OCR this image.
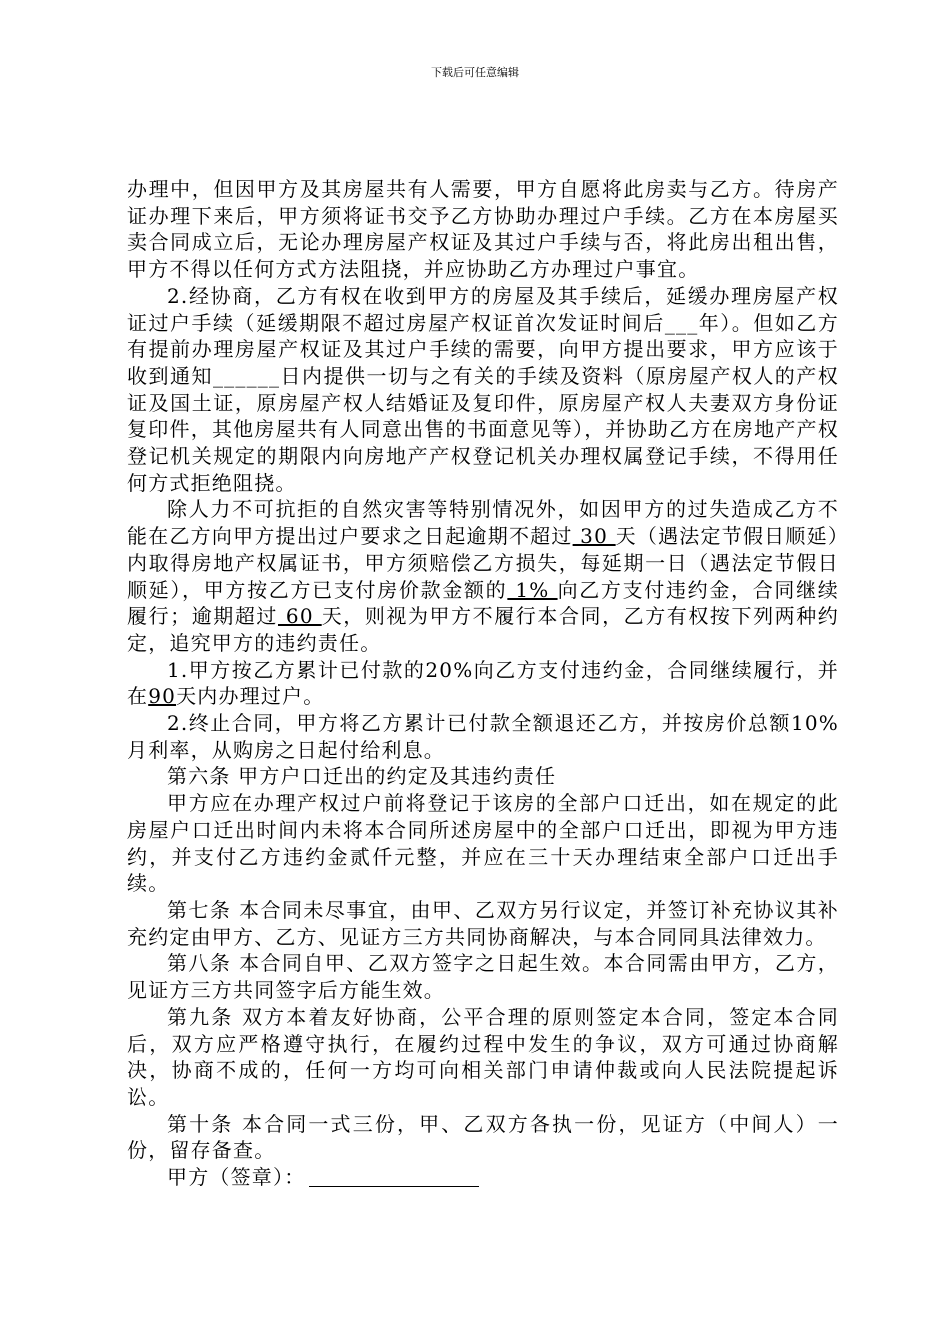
下载后可任意编辑

办理中，但因甲方及其房屋共有人需要，甲方自愿将此房卖与乙方。待房产证办理下来后，甲方须将证书交予乙方协助办理过户手续。乙方在本房屋买卖合同成立后，无论办理房屋产权证及其过户手续与否，将此房出租出售，甲方不得以任何方式方法阻挠，并应协助乙方办理过户事宜。

2.经协商，乙方有权在收到甲方的房屋及其手续后，延缓办理房屋产权证过户手续（延缓期限不超过房屋产权证首次发证时间后___年）。但如乙方有提前办理房屋产权证及其过户手续的需要，向甲方提出要求，甲方应该于收到通知______日内提供一切与之有关的手续及资料（原房屋产权人的产权证及国土证，原房屋产权人结婚证及复印件，原房屋产权人夫妻双方身份证复印件，其他房屋共有人同意出售的书面意见等），并协助乙方在房地产产权登记机关规定的期限内向房地产产权登记机关办理权属登记手续，不得用任何方式拒绝阻挠。

除人力不可抗拒的自然灾害等特别情况外，如因甲方的过失造成乙方不能在乙方向甲方提出过户要求之日起逾期不超过 30 天（遇法定节假日顺延）内取得房地产权属证书，甲方须赔偿乙方损失，每延期一日（遇法定节假日顺延），甲方按乙方已支付房价款金额的 1% 向乙方支付违约金，合同继续履行；逾期超过 60 天，则视为甲方不履行本合同，乙方有权按下列两种约定，追究甲方的违约责任。

1.甲方按乙方累计已付款的20%向乙方支付违约金，合同继续履行，并在90天内办理过户。

2.终止合同，甲方将乙方累计已付款全额退还乙方，并按房价总额10%月利率，从购房之日起付给利息。

第六条 甲方户口迁出的约定及其违约责任

甲方应在办理产权过户前将登记于该房的全部户口迁出，如在规定的此房屋户口迁出时间内未将本合同所述房屋中的全部户口迁出，即视为甲方违约，并支付乙方违约金贰仟元整，并应在三十天办理结束全部户口迁出手续。

第七条 本合同未尽事宜，由甲、乙双方另行议定，并签订补充协议其补充约定由甲方、乙方、见证方三方共同协商解决，与本合同同具法律效力。

第八条 本合同自甲、乙双方签字之日起生效。本合同需由甲方，乙方，见证方三方共同签字后方能生效。

第九条 双方本着友好协商，公平合理的原则签定本合同，签定本合同后，双方应严格遵守执行，在履约过程中发生的争议，双方可通过协商解决，协商不成的，任何一方均可向相关部门申请仲裁或向人民法院提起诉讼。

第十条 本合同一式三份，甲、乙双方各执一份，见证方（中间人）一份，留存备查。

甲方（签章）：
